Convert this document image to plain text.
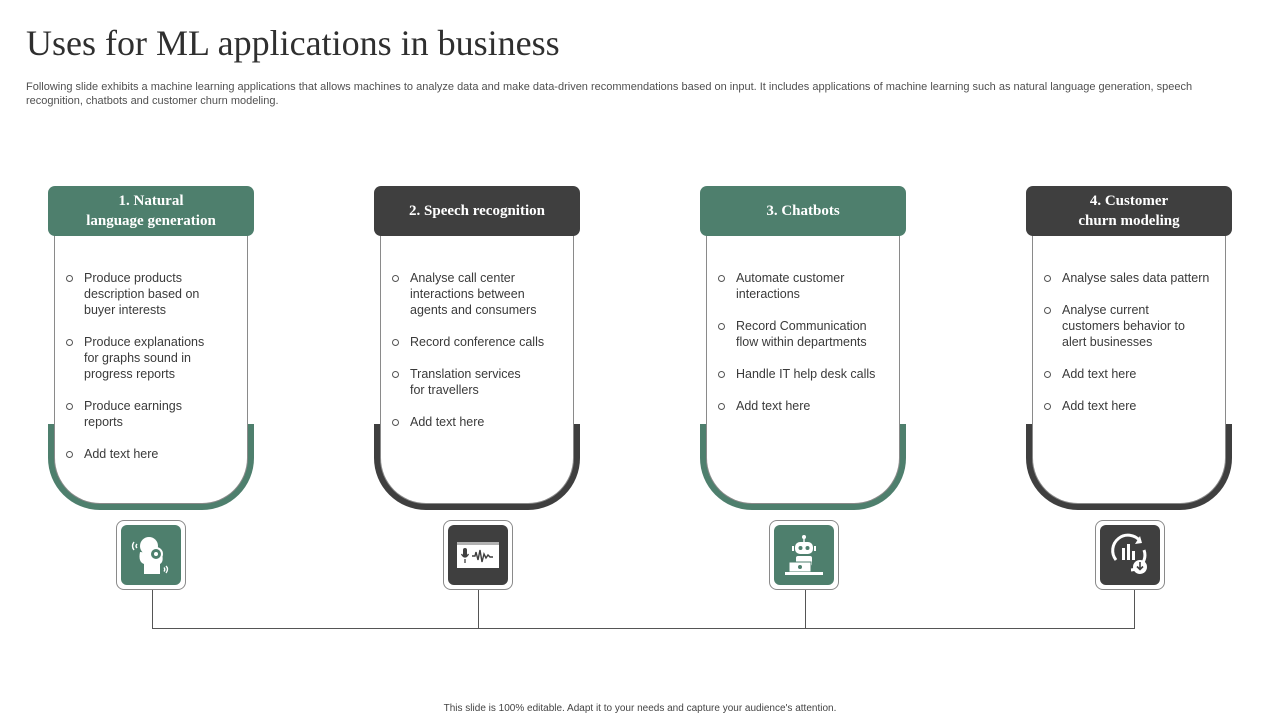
Uses for ML applications in business

Following slide exhibits a machine learning applications that allows machines to analyze data and make data-driven recommendations based on input. It includes applications of machine learning such as natural language generation, speech recognition, chatbots and customer churn modeling.

1. Natural
language generation
Produce products
description based on
buyer interests
Produce explanations
for graphs sound in
progress reports
Produce earnings
reports
Add text here
2. Speech recognition
Analyse call center
interactions between
agents and consumers
Record conference calls
Translation services
for travellers
Add text here
3. Chatbots
Automate customer
interactions
Record Communication
flow within departments
Handle IT help desk calls
Add text here
4. Customer
churn modeling
Analyse sales data pattern
Analyse current
customers behavior to
alert businesses
Add text here
Add text here
This slide is 100% editable. Adapt it to your needs and capture your audience's attention.
